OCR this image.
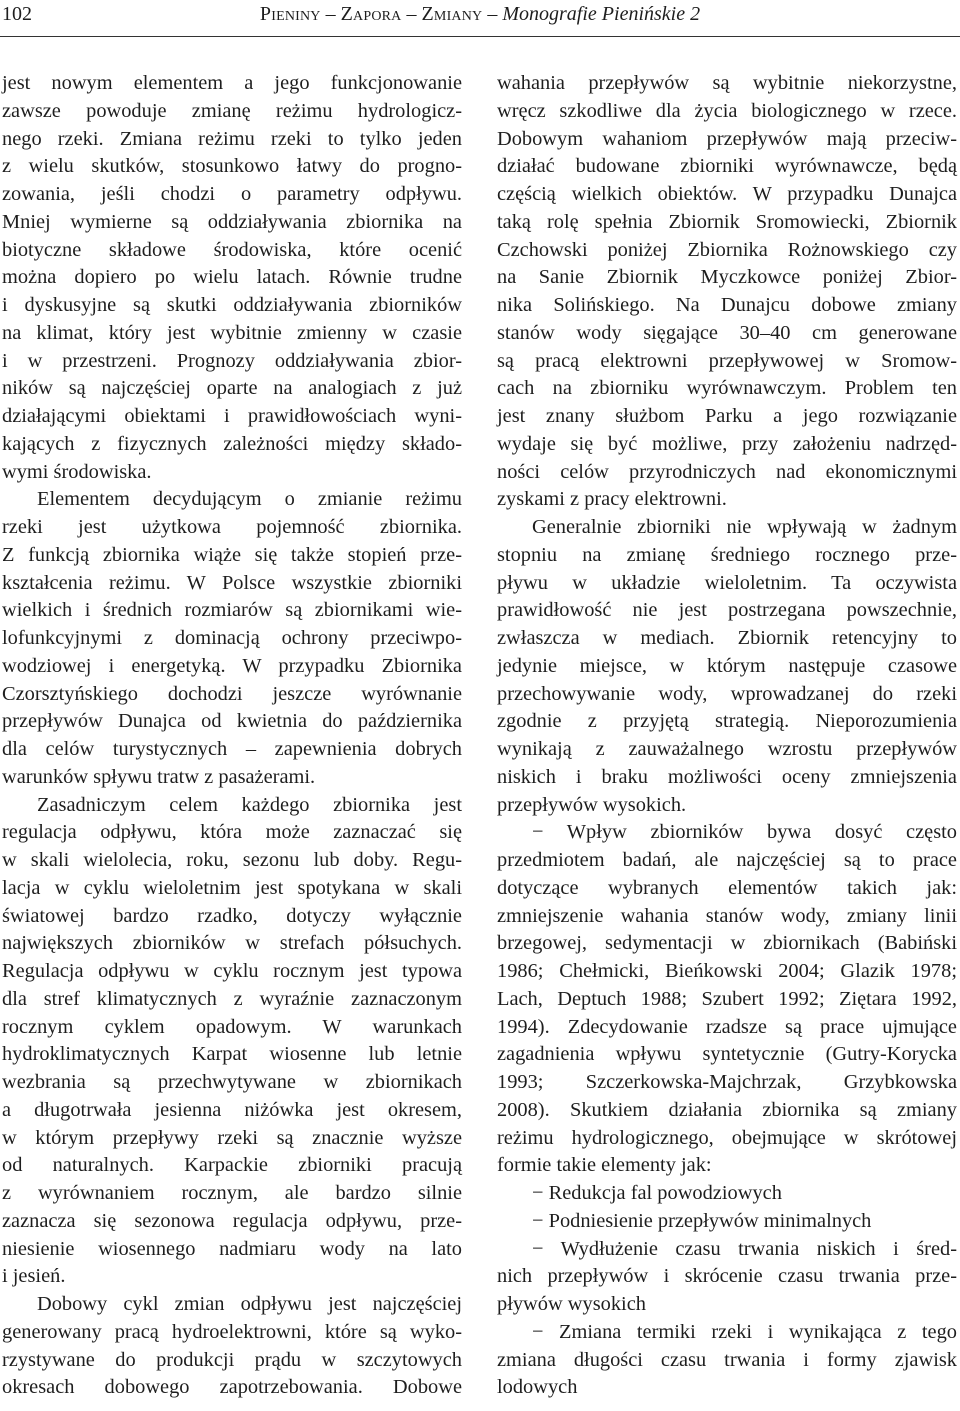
102	Pieniny – Zapora – Zmiany – Monografie Pienińskie 2
jest nowym elementem a jego funkcjonowanie
zawsze powoduje zmianę reżimu hydrologicz-
nego rzeki. Zmiana reżimu rzeki to tylko jeden
z wielu skutków, stosunkowo łatwy do progno-
zowania, jeśli chodzi o parametry odpływu.
Mniej wymierne są oddziaływania zbiornika na
biotyczne składowe środowiska, które ocenić
można dopiero po wielu latach. Równie trudne
i dyskusyjne są skutki oddziaływania zbiorników
na klimat, który jest wybitnie zmienny w czasie
i w przestrzeni. Prognozy oddziaływania zbior-
ników są najczęściej oparte na analogiach z już
działającymi obiektami i prawidłowościach wyni-
kających z fizycznych zależności między składo-
wymi środowiska.
Elementem decydującym o zmianie reżimu
rzeki jest użytkowa pojemność zbiornika.
Z funkcją zbiornika wiąże się także stopień prze-
kształcenia reżimu. W Polsce wszystkie zbiorniki
wielkich i średnich rozmiarów są zbiornikami wie-
lofunkcyjnymi z dominacją ochrony przeciwpo-
wodziowej i energetyką. W przypadku Zbiornika
Czorsztyńskiego dochodzi jeszcze wyrównanie
przepływów Dunajca od kwietnia do października
dla celów turystycznych – zapewnienia dobrych
warunków spływu tratw z pasażerami.
Zasadniczym celem każdego zbiornika jest
regulacja odpływu, która może zaznaczać się
w skali wielolecia, roku, sezonu lub doby. Regu-
lacja w cyklu wieloletnim jest spotykana w skali
światowej bardzo rzadko, dotyczy wyłącznie
największych zbiorników w strefach półsuchych.
Regulacja odpływu w cyklu rocznym jest typowa
dla stref klimatycznych z wyraźnie zaznaczonym
rocznym cyklem opadowym. W warunkach
hydroklimatycznych Karpat wiosenne lub letnie
wezbrania są przechwytywane w zbiornikach
a długotrwała jesienna niżówka jest okresem,
w którym przepływy rzeki są znacznie wyższe
od naturalnych. Karpackie zbiorniki pracują
z wyrównaniem rocznym, ale bardzo silnie
zaznacza się sezonowa regulacja odpływu, prze-
niesienie wiosennego nadmiaru wody na lato
i jesień.
Dobowy cykl zmian odpływu jest najczęściej
generowany pracą hydroelektrowni, które są wyko-
rzystywane do produkcji prądu w szczytowych
okresach dobowego zapotrzebowania. Dobowe
wahania przepływów są wybitnie niekorzystne,
wręcz szkodliwe dla życia biologicznego w rzece.
Dobowym wahaniom przepływów mają przeciw-
działać budowane zbiorniki wyrównawcze, będą
częścią wielkich obiektów. W przypadku Dunajca
taką rolę spełnia Zbiornik Sromowiecki, Zbiornik
Czchowski poniżej Zbiornika Rożnowskiego czy
na Sanie Zbiornik Myczkowce poniżej Zbior-
nika Solińskiego. Na Dunajcu dobowe zmiany
stanów wody sięgające 30–40 cm generowane
są pracą elektrowni przepływowej w Sromow-
cach na zbiorniku wyrównawczym. Problem ten
jest znany służbom Parku a jego rozwiązanie
wydaje się być możliwe, przy założeniu nadrzęd-
ności celów przyrodniczych nad ekonomicznymi
zyskami z pracy elektrowni.
Generalnie zbiorniki nie wpływają w żadnym
stopniu na zmianę średniego rocznego prze-
pływu w układzie wieloletnim. Ta oczywista
prawidłowość nie jest postrzegana powszechnie,
zwłaszcza w mediach. Zbiornik retencyjny to
jedynie miejsce, w którym następuje czasowe
przechowywanie wody, wprowadzanej do rzeki
zgodnie z przyjętą strategią. Nieporozumienia
wynikają z zauważalnego wzrostu przepływów
niskich i braku możliwości oceny zmniejszenia
przepływów wysokich.
− Wpływ zbiorników bywa dosyć często
przedmiotem badań, ale najczęściej są to prace
dotyczące wybranych elementów takich jak:
zmniejszenie wahania stanów wody, zmiany linii
brzegowej, sedymentacji w zbiornikach (Babiński
1986; Chełmicki, Bieńkowski 2004; Glazik 1978;
Lach, Deptuch 1988; Szubert 1992; Ziętara 1992,
1994). Zdecydowanie rzadsze są prace ujmujące
zagadnienia wpływu syntetycznie (Gutry-Korycka
1993; Szczerkowska-Majchrzak, Grzybkowska
2008). Skutkiem działania zbiornika są zmiany
reżimu hydrologicznego, obejmujące w skrótowej
formie takie elementy jak:
− Redukcja fal powodziowych
− Podniesienie przepływów minimalnych
− Wydłużenie czasu trwania niskich i śred-
nich przepływów i skrócenie czasu trwania prze-
pływów wysokich
− Zmiana termiki rzeki i wynikająca z tego
zmiana długości czasu trwania i formy zjawisk
lodowych
